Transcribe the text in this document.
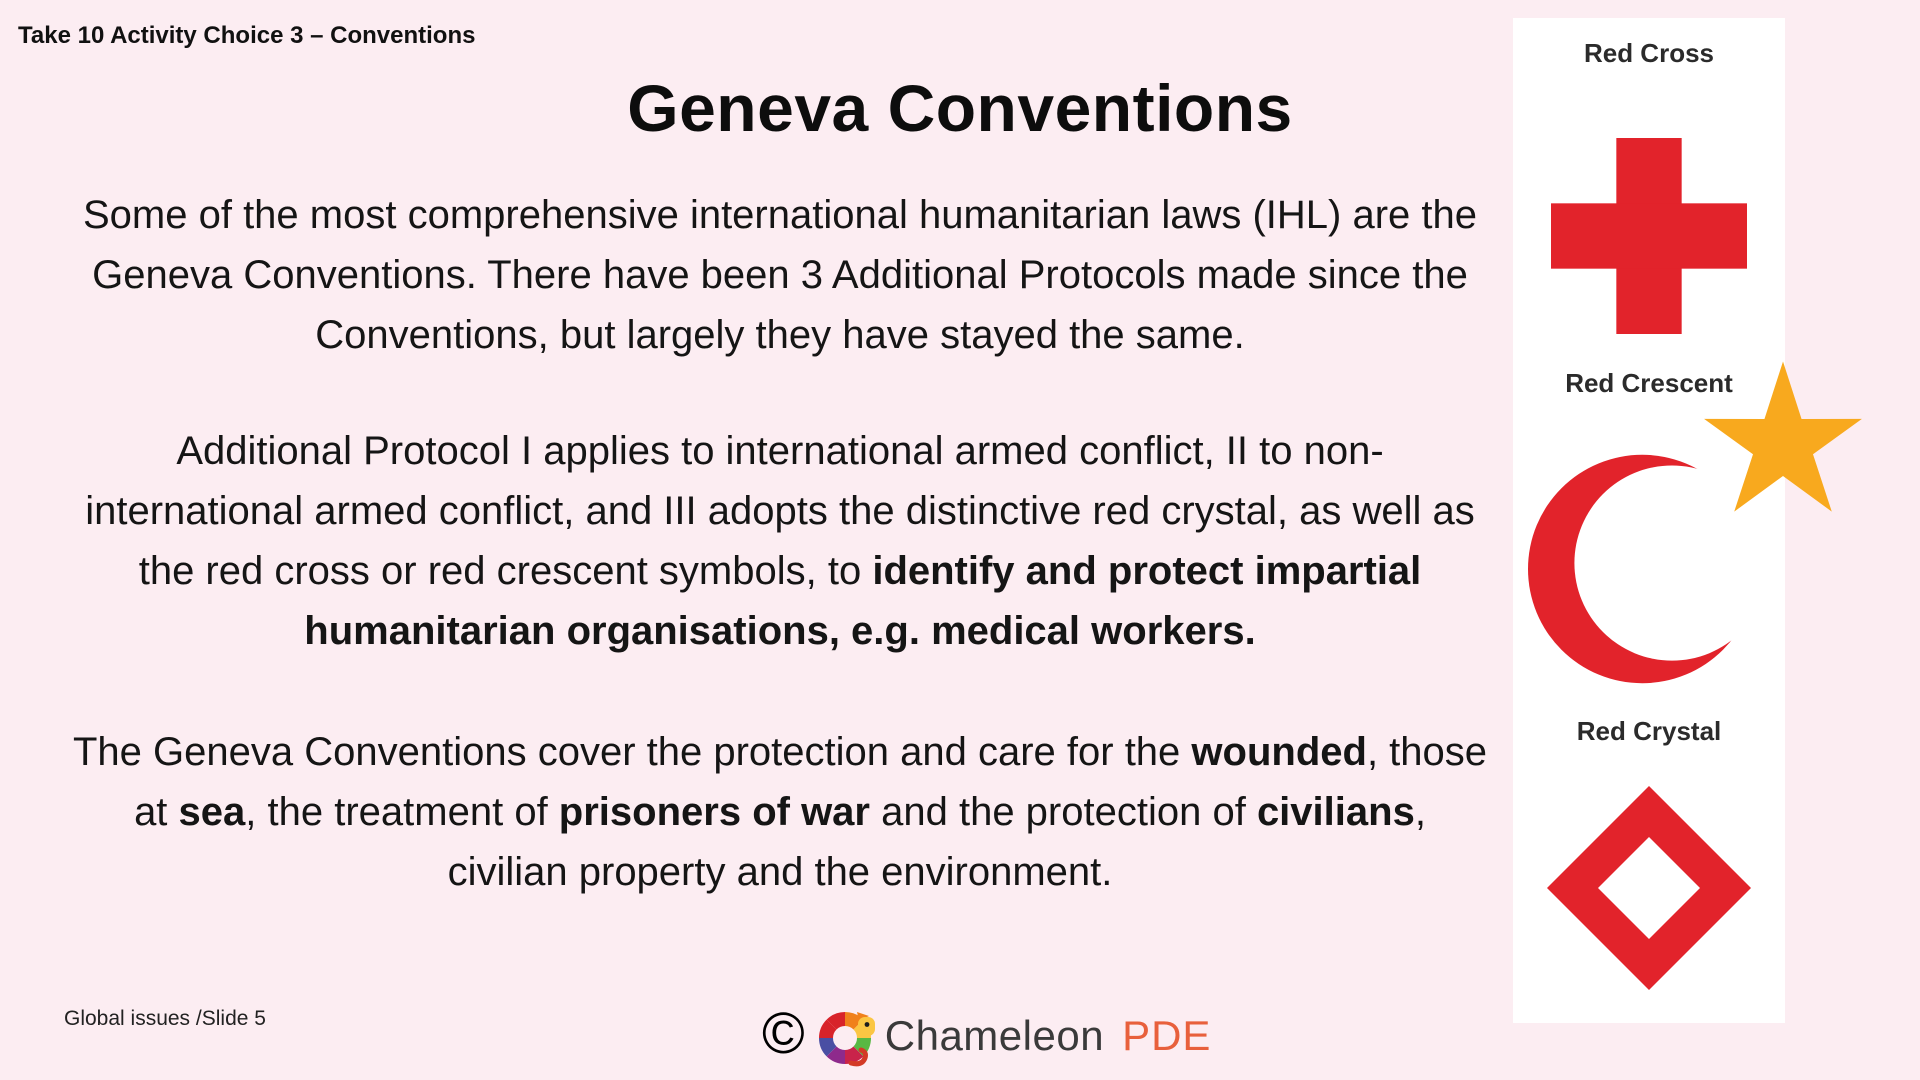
Take 10 Activity Choice 3 – Conventions
Geneva Conventions

Some of the most comprehensive international humanitarian laws (IHL) are the Geneva Conventions. There have been 3 Additional Protocols made since the Conventions, but largely they have stayed the same.

Additional Protocol I applies to international armed conflict, II to non-international armed conflict, and III adopts the distinctive red crystal, as well as the red cross or red crescent symbols, to identify and protect impartial humanitarian organisations, e.g. medical workers.

The Geneva Conventions cover the protection and care for the wounded, those at sea, the treatment of prisoners of war and the protection of civilians, civilian property and the environment.

Red Cross
Red Crescent
Red Crystal
Global issues /Slide 5	© Chameleon PDE
